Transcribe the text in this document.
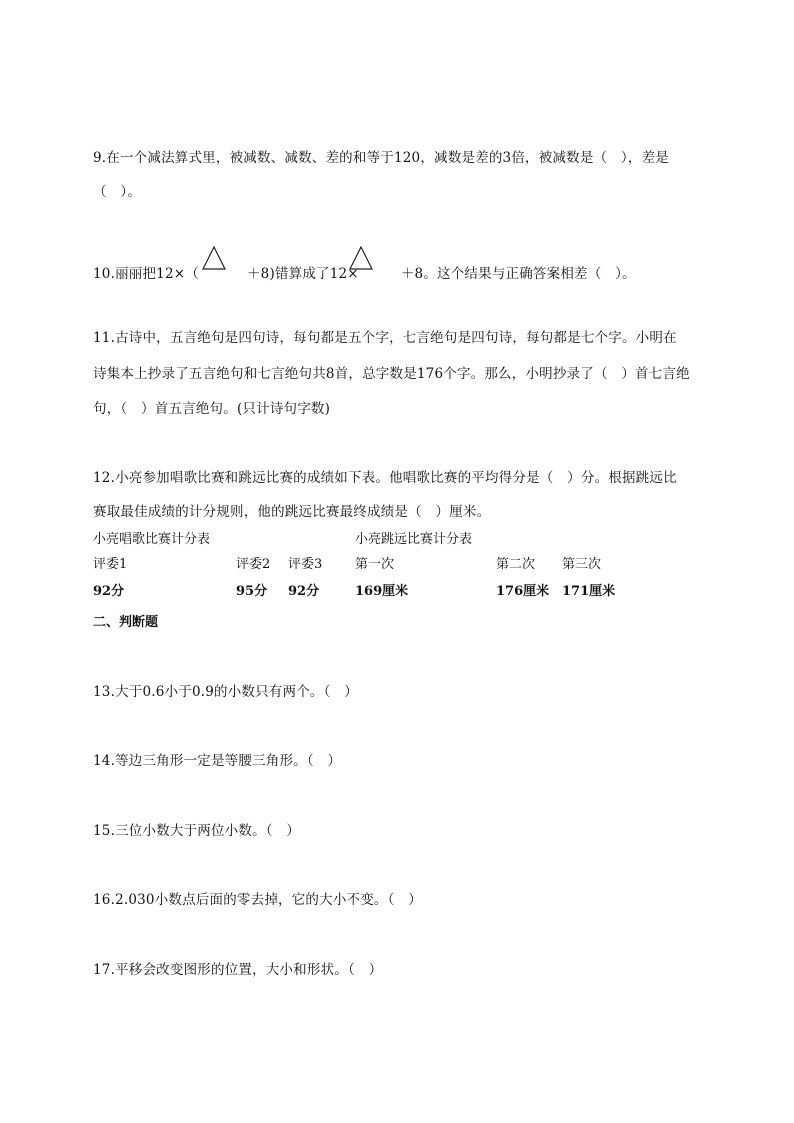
9.在一个减法算式里，被减数、减数、差的和等于120，减数是差的3倍，被减数是（　），差是
（　）。
10.丽丽把12×（	＋8)错算成了12×	＋8。这个结果与正确答案相差（　）。
11.古诗中，五言绝句是四句诗，每句都是五个字，七言绝句是四句诗，每句都是七个字。小明在
诗集本上抄录了五言绝句和七言绝句共8首，总字数是176个字。那么，小明抄录了（　）首七言绝
句，（　）首五言绝句。(只计诗句字数)
12.小亮参加唱歌比赛和跳远比赛的成绩如下表。他唱歌比赛的平均得分是（　）分。根据跳远比
赛取最佳成绩的计分规则，他的跳远比赛最终成绩是（　）厘米。
小亮唱歌比赛计分表	小亮跳远比赛计分表
评委1	评委2 评委3	第一次	第二次 第三次
92分	95分 92分	169厘米	176厘米 171厘米
二、判断题
13.大于0.6小于0.9的小数只有两个。（　）
14.等边三角形一定是等腰三角形。（　）
15.三位小数大于两位小数。（　）
16.2.030小数点后面的零去掉，它的大小不变。（　）
17.平移会改变图形的位置，大小和形状。（　）
